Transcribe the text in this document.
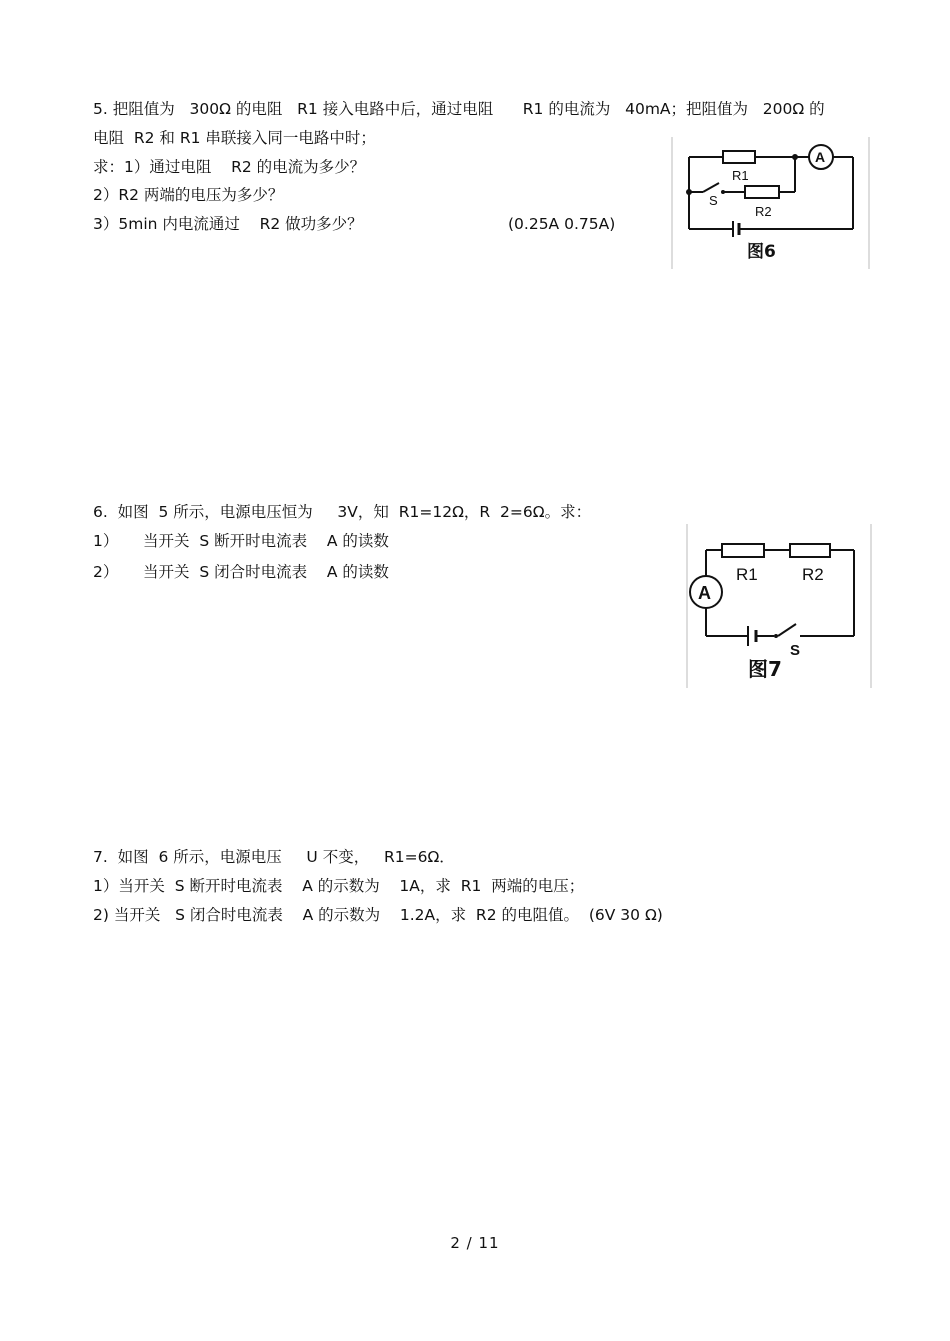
5. 把阻值为   300Ω 的电阻   R1 接入电路中后，通过电阻      R1 的电流为   40mA；把阻值为   200Ω 的
电阻  R2 和 R1 串联接入同一电路中时；
求：1）通过电阻    R2 的电流为多少？
2）R2 两端的电压为多少？
3）5min 内电流通过    R2 做功多少？	(0.25A 0.75A)
R1
S
R2
A
图6
6.  如图  5 所示，电源电压恒为     3V，知  R1=12Ω，R  2=6Ω。求：
1）     当开关  S 断开时电流表    A 的读数
2）     当开关  S 闭合时电流表    A 的读数	R1	R2
A
S
图7
7.  如图  6 所示，电源电压     U 不变，   R1=6Ω．
1）当开关  S 断开时电流表    A 的示数为    1A，求  R1  两端的电压；
2) 当开关   S 闭合时电流表    A 的示数为    1.2A，求  R2 的电阻值。  (6V 30 Ω)
2 / 11
